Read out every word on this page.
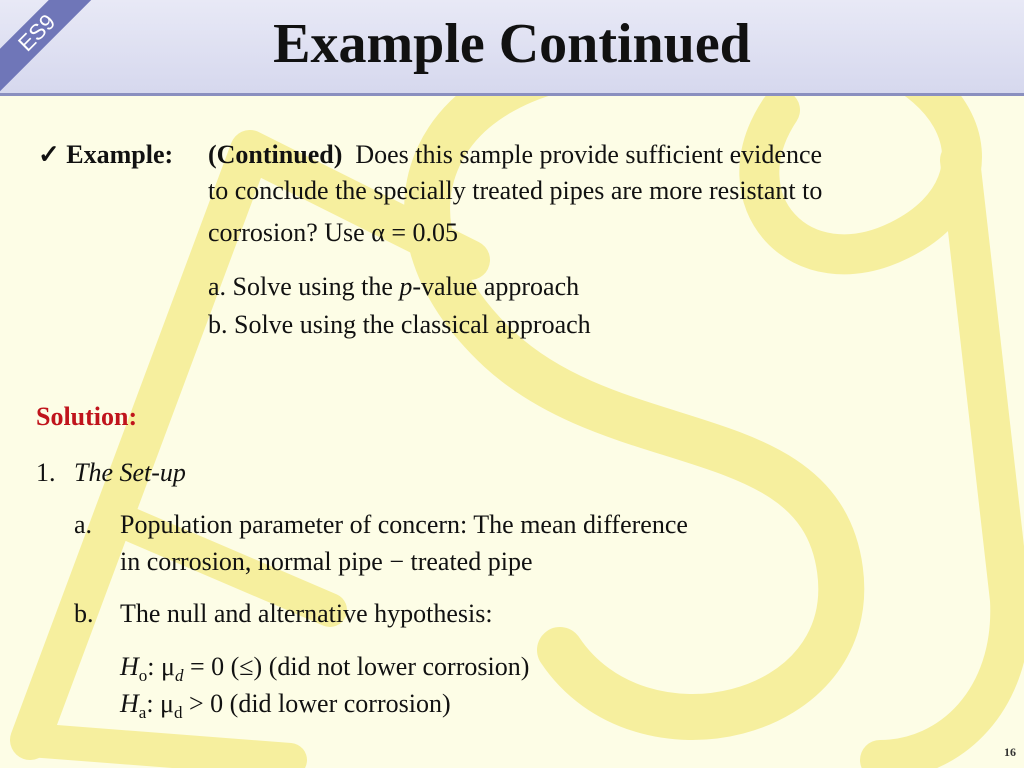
ES9	Example Continued
✓ Example: (Continued) Does this sample provide sufficient evidence
to conclude the specially treated pipes are more resistant to
corrosion? Use α = 0.05
a. Solve using the p-value approach
b. Solve using the classical approach
Solution:
1. The Set-up
a. Population parameter of concern: The mean difference
in corrosion, normal pipe − treated pipe
b. The null and alternative hypothesis:
$H_o$: $\mu_d = 0$ (≤) (did not lower corrosion)
$H_a$: $\mu_d > 0$ (did lower corrosion)
16
